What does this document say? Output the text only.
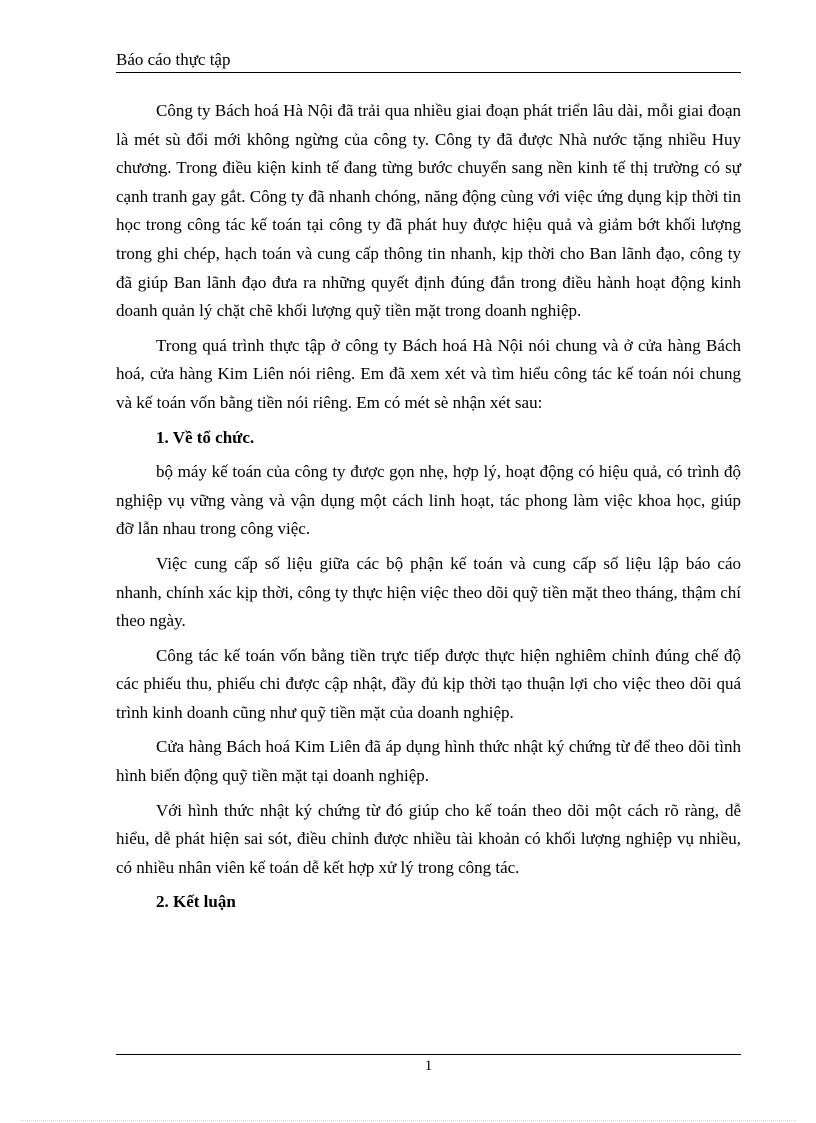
Báo cáo thực tập

Công ty Bách hoá Hà Nội đã trải qua nhiều giai đoạn phát triển lâu dài, mỗi giai đoạn là mét sù đổi mới không ngừng của công ty. Công ty đã được Nhà nước tặng nhiều Huy chương. Trong điều kiện kinh tế đang từng bước chuyển sang nền kinh tế thị trường có sự cạnh tranh gay gắt. Công ty đã nhanh chóng, năng động cùng với việc ứng dụng kịp thời tin học trong công tác kế toán tại công ty đã phát huy được hiệu quả và giảm bớt khối lượng trong ghi chép, hạch toán và cung cấp thông tin nhanh, kịp thời cho Ban lãnh đạo, công ty đã giúp Ban lãnh đạo đưa ra những quyết định đúng đắn trong điều hành hoạt động kinh doanh quản lý chặt chẽ khối lượng quỹ tiền mặt trong doanh nghiệp.

Trong quá trình thực tập ở công ty Bách hoá Hà Nội nói chung và ở cửa hàng Bách hoá, cửa hàng Kim Liên nói riêng. Em đã xem xét và tìm hiểu công tác kế toán nói chung và kế toán vốn bằng tiền nói riêng. Em có mét sè nhận xét sau:

1. Về tổ chức.

bộ máy kế toán của công ty được gọn nhẹ, hợp lý, hoạt động có hiệu quả, có trình độ nghiệp vụ vững vàng và vận dụng một cách linh hoạt, tác phong làm việc khoa học, giúp đỡ lẫn nhau trong công việc.

Việc cung cấp số liệu giữa các bộ phận kế toán và cung cấp số liệu lập báo cáo nhanh, chính xác kịp thời, công ty thực hiện việc theo dõi quỹ tiền mặt theo tháng, thậm chí theo ngày.

Công tác kế toán vốn bằng tiền trực tiếp được thực hiện nghiêm chỉnh đúng chế độ các phiếu thu, phiếu chi được cập nhật, đầy đủ kịp thời tạo thuận lợi cho việc theo dõi quá trình kinh doanh cũng như quỹ tiền mặt của doanh nghiệp.

Cửa hàng Bách hoá Kim Liên đã áp dụng hình thức nhật ký chứng từ để theo dõi tình hình biến động quỹ tiền mặt tại doanh nghiệp.

Với hình thức nhật ký chứng từ đó giúp cho kế toán theo dõi một cách rõ ràng, dễ hiểu, dễ phát hiện sai sót, điều chỉnh được nhiều tài khoản có khối lượng nghiệp vụ nhiều, có nhiều nhân viên kế toán dễ kết hợp xử lý trong công tác.

2. Kết luận
1
